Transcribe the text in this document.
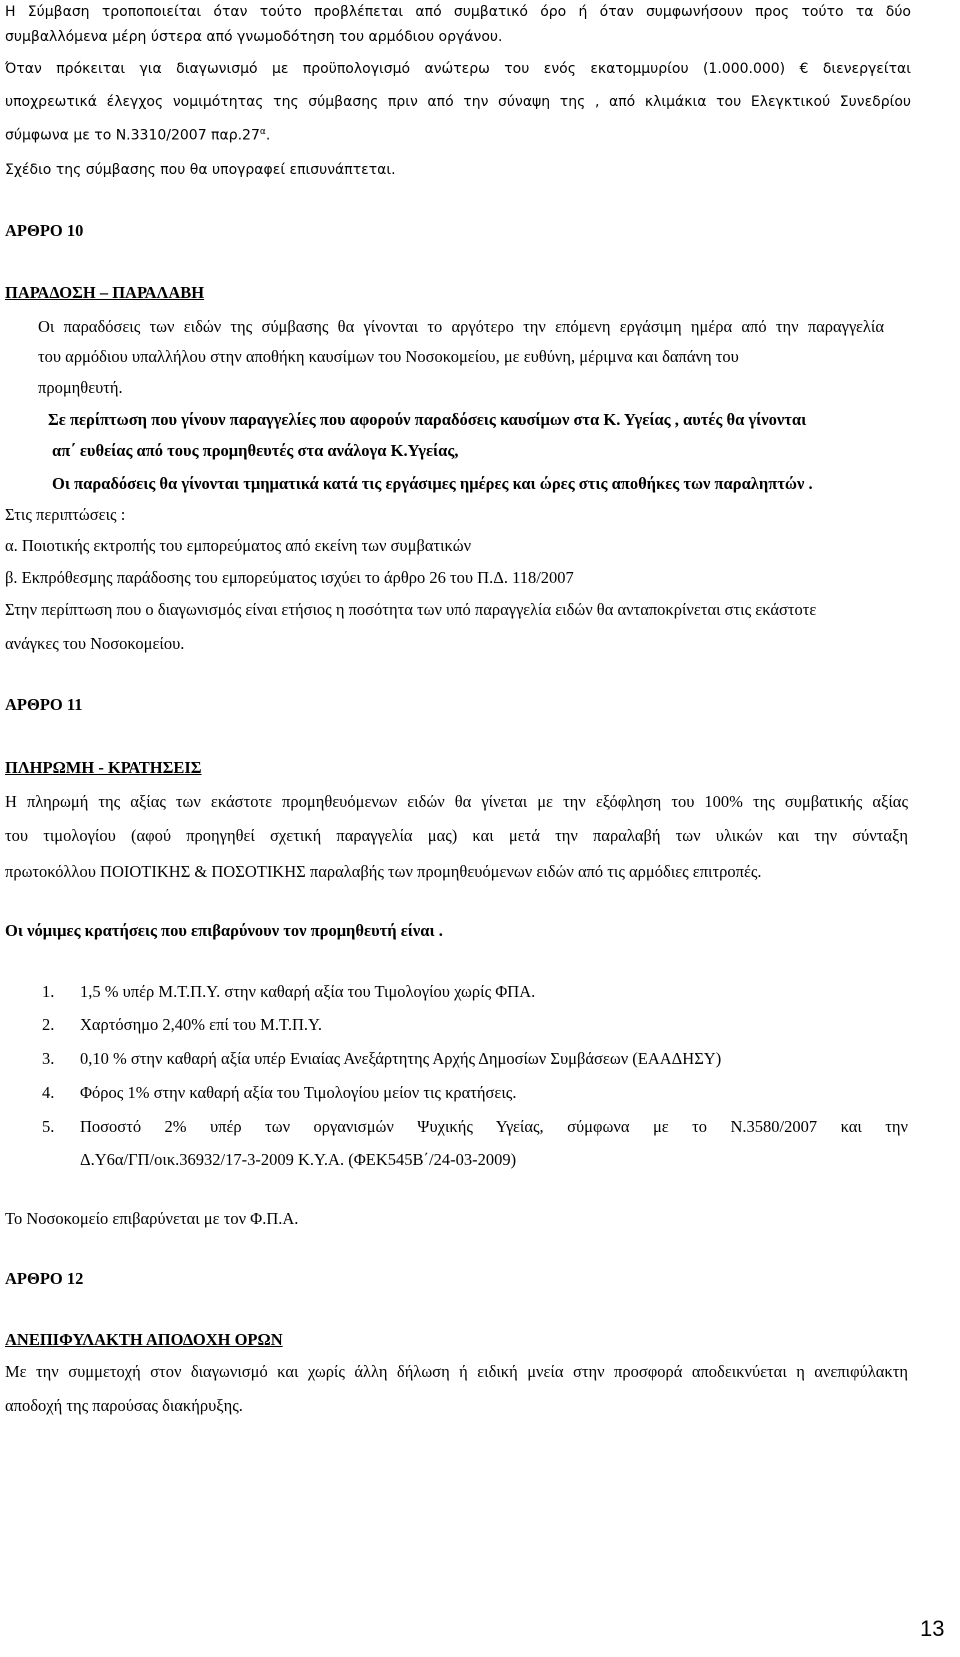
Η Σύμβαση τροποποιείται όταν τούτο προβλέπεται από συμβατικό όρο ή όταν συμφωνήσουν προς τούτο τα δύο

συμβαλλόμενα μέρη ύστερα από γνωμοδότηση του αρμόδιου οργάνου.

Όταν πρόκειται για διαγωνισμό με προϋπολογισμό ανώτερω του ενός εκατομμυρίου (1.000.000) € διενεργείται

υποχρεωτικά έλεγχος νομιμότητας της σύμβασης πριν από την σύναψη της , από κλιμάκια του Ελεγκτικού Συνεδρίου

σύμφωνα με το Ν.3310/2007 $\pi\alpha\rho.27^\alpha$.

Σχέδιο της σύμβασης που θα υπογραφεί επισυνάπτεται.

ΑΡΘΡΟ 10

ΠΑΡΑΔΟΣΗ – ΠΑΡΑΛΑΒΗ

Οι παραδόσεις των ειδών της σύμβασης θα γίνονται το αργότερο την επόμενη εργάσιμη ημέρα από την παραγγελία

του αρμόδιου υπαλλήλου στην αποθήκη καυσίμων του Νοσοκομείου, με ευθύνη, μέριμνα και δαπάνη του

προμηθευτή.

Σε περίπτωση που γίνουν παραγγελίες που αφορούν παραδόσεις καυσίμων στα Κ. Υγείας , αυτές θα γίνονται

απ΄ ευθείας από τους προμηθευτές στα ανάλογα Κ.Υγείας,

Οι παραδόσεις θα γίνονται τμηματικά κατά τις εργάσιμες ημέρες και ώρες στις αποθήκες των παραληπτών .

Στις περιπτώσεις :

α. Ποιοτικής εκτροπής του εμπορεύματος από εκείνη των συμβατικών

β. Εκπρόθεσμης παράδοσης του εμπορεύματος ισχύει το άρθρο 26 του Π.Δ. 118/2007

Στην περίπτωση που ο διαγωνισμός είναι ετήσιος η ποσότητα των υπό παραγγελία ειδών θα ανταποκρίνεται στις εκάστοτε

ανάγκες του Νοσοκομείου.

ΑΡΘΡΟ 11

ΠΛΗΡΩΜΗ - ΚΡΑΤΗΣΕΙΣ

Η πληρωμή της αξίας των εκάστοτε προμηθευόμενων ειδών θα γίνεται με την εξόφληση του 100% της συμβατικής αξίας

του τιμολογίου (αφού προηγηθεί σχετική παραγγελία μας) και μετά την παραλαβή των υλικών και την σύνταξη

πρωτοκόλλου ΠΟΙΟΤΙΚΗΣ & ΠΟΣΟΤΙΚΗΣ παραλαβής των προμηθευόμενων ειδών από τις αρμόδιες επιτροπές.

Οι νόμιμες κρατήσεις που επιβαρύνουν τον προμηθευτή είναι .

1. 1,5 % υπέρ Μ.Τ.Π.Υ. στην καθαρή αξία του Τιμολογίου χωρίς ΦΠΑ.
2. Χαρτόσημο 2,40% επί του Μ.Τ.Π.Υ.
3. 0,10 % στην καθαρή αξία υπέρ Ενιαίας Ανεξάρτητης Αρχής Δημοσίων Συμβάσεων (ΕΑΑΔΗΣΥ)
4. Φόρος 1% στην καθαρή αξία του Τιμολογίου μείον τις κρατήσεις.
5. Ποσοστό 2% υπέρ των οργανισμών Ψυχικής Υγείας, σύμφωνα με το Ν.3580/2007 και την
Δ.Υ6α/ΓΠ/οικ.36932/17-3-2009 Κ.Υ.Α. (ΦΕΚ545Β΄/24-03-2009)

Το Νοσοκομείο επιβαρύνεται με τον Φ.Π.Α.

ΑΡΘΡΟ 12

ΑΝΕΠΙΦΥΛΑΚΤΗ ΑΠΟΔΟΧΗ ΟΡΩΝ

Με την συμμετοχή στον διαγωνισμό και χωρίς άλλη δήλωση ή ειδική μνεία στην προσφορά αποδεικνύεται η ανεπιφύλακτη

αποδοχή της παρούσας διακήρυξης.

13
